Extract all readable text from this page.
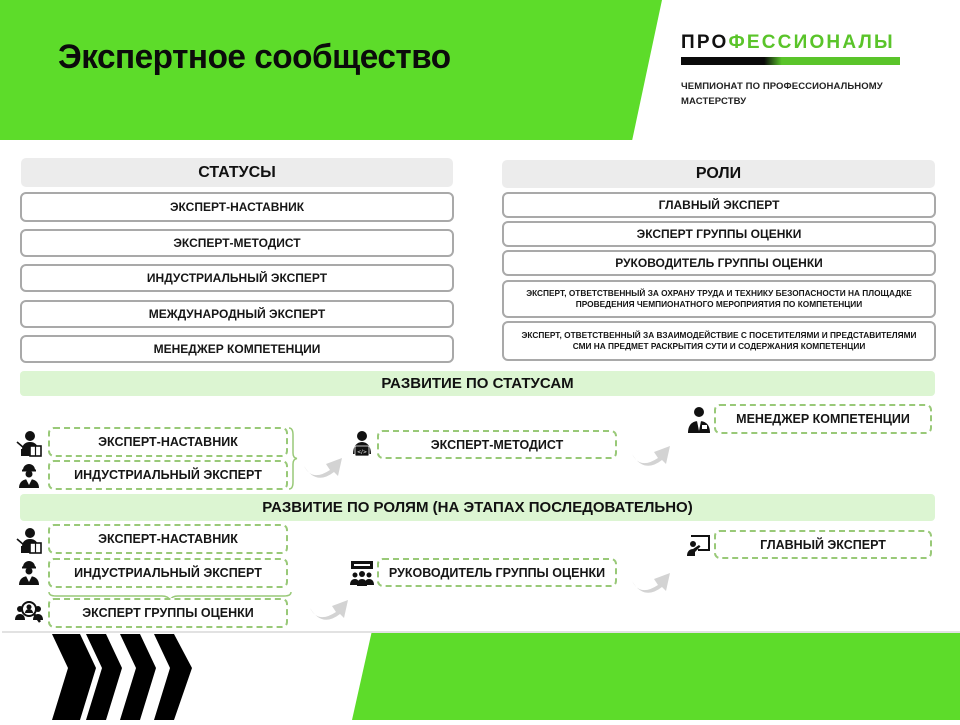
Экспертное сообщество	ПРОФЕССИОНАЛЫ
ЧЕМПИОНАТ ПО ПРОФЕССИОНАЛЬНОМУ
МАСТЕРСТВУ
СТАТУСЫ
ЭКСПЕРТ-НАСТАВНИК
ЭКСПЕРТ-МЕТОДИСТ
ИНДУСТРИАЛЬНЫЙ ЭКСПЕРТ
МЕЖДУНАРОДНЫЙ ЭКСПЕРТ
МЕНЕДЖЕР КОМПЕТЕНЦИИ
РОЛИ
ГЛАВНЫЙ ЭКСПЕРТ
ЭКСПЕРТ ГРУППЫ ОЦЕНКИ
РУКОВОДИТЕЛЬ ГРУППЫ ОЦЕНКИ
ЭКСПЕРТ, ОТВЕТСТВЕННЫЙ ЗА ОХРАНУ ТРУДА И ТЕХНИКУ БЕЗОПАСНОСТИ НА ПЛОЩАДКЕ ПРОВЕДЕНИЯ ЧЕМПИОНАТНОГО МЕРОПРИЯТИЯ ПО КОМПЕТЕНЦИИ
ЭКСПЕРТ, ОТВЕТСТВЕННЫЙ ЗА ВЗАИМОДЕЙСТВИЕ С ПОСЕТИТЕЛЯМИ И ПРЕДСТАВИТЕЛЯМИ СМИ НА ПРЕДМЕТ РАСКРЫТИЯ СУТИ И СОДЕРЖАНИЯ КОМПЕТЕНЦИИ
РАЗВИТИЕ ПО СТАТУСАМ
ЭКСПЕРТ-НАСТАВНИК
ИНДУСТРИАЛЬНЫЙ ЭКСПЕРТ
</>
ЭКСПЕРТ-МЕТОДИСТ
МЕНЕДЖЕР КОМПЕТЕНЦИИ
РАЗВИТИЕ ПО РОЛЯМ (НА ЭТАПАХ ПОСЛЕДОВАТЕЛЬНО)
ЭКСПЕРТ-НАСТАВНИК
ИНДУСТРИАЛЬНЫЙ ЭКСПЕРТ
ЭКСПЕРТ ГРУППЫ ОЦЕНКИ
РУКОВОДИТЕЛЬ ГРУППЫ ОЦЕНКИ
ГЛАВНЫЙ ЭКСПЕРТ
